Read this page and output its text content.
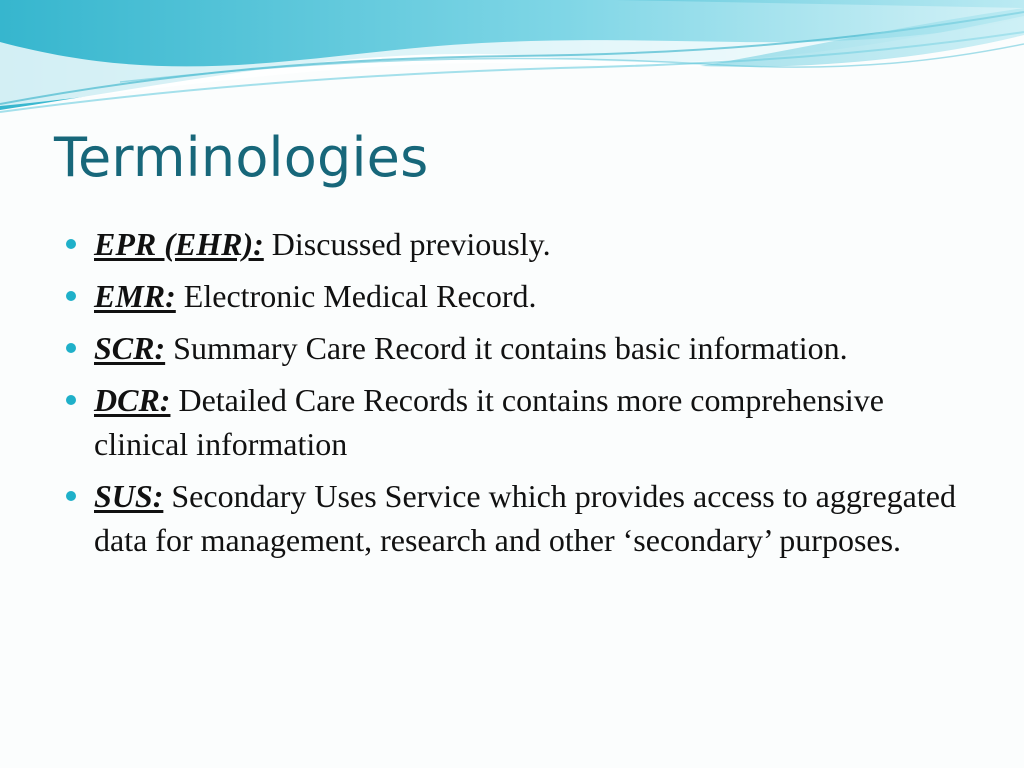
Terminologies
EPR (EHR): Discussed previously.
EMR: Electronic Medical Record.
SCR: Summary Care Record it contains basic information.
DCR: Detailed Care Records it contains more comprehensive clinical information
SUS: Secondary Uses Service which provides access to aggregated data for management, research and other ‘secondary’ purposes.
